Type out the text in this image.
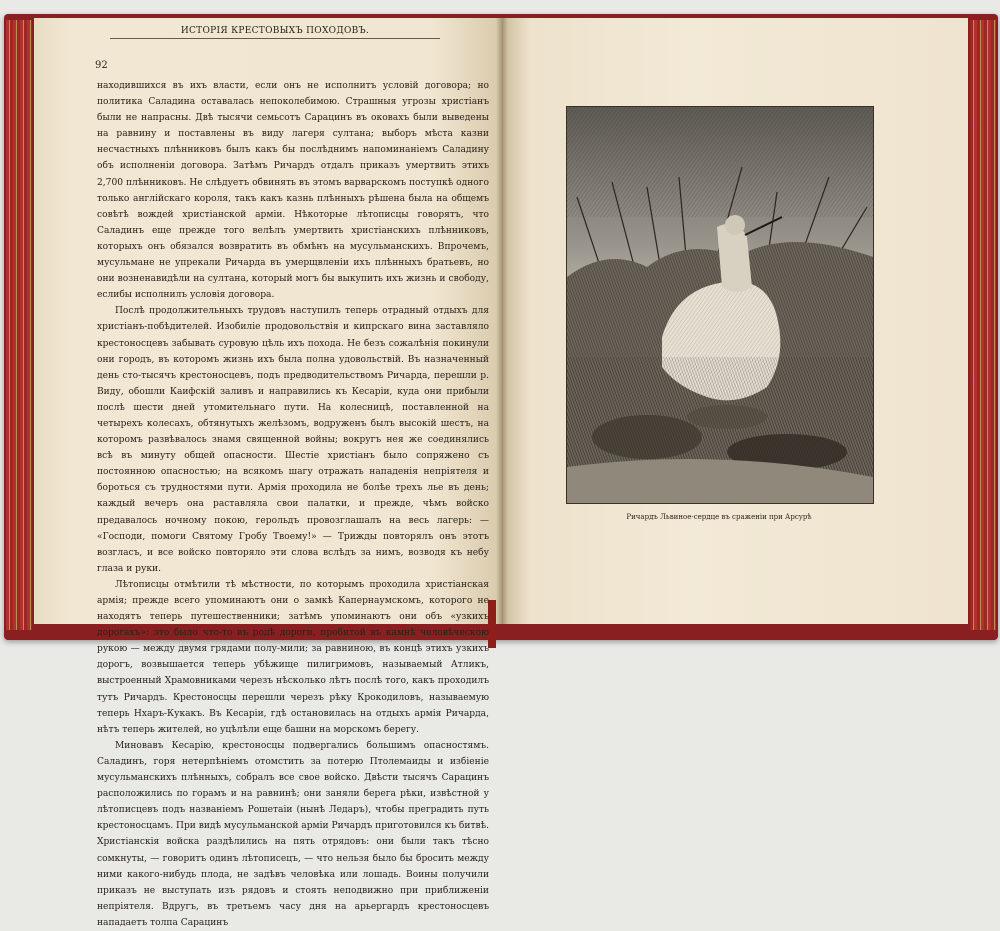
ИСТОРІЯ КРЕСТОВЫХЪ ПОХОДОВЪ.
92

находившихся въ ихъ власти, если онъ не исполнитъ условій договора; но политика Саладина оставалась непоколебимою. Страшныя угрозы христіанъ были не напрасны. Двѣ тысячи семьсотъ Сарацинъ въ оковахъ были выведены на равнину и поставлены въ виду лагеря султана; выборъ мѣста казни несчастныхъ плѣнниковъ былъ какъ бы послѣднимъ напоминаніемъ Саладину объ исполненіи договора. Затѣмъ Ричардъ отдалъ приказъ умертвить этихъ 2,700 плѣнниковъ. Не слѣдуетъ обвинять въ этомъ варварскомъ поступкѣ одного только англійскаго короля, такъ какъ казнь плѣнныхъ рѣшена была на общемъ совѣтѣ вождей христіанской арміи. Нѣкоторые лѣтописцы говорятъ, что Саладинъ еще прежде того велѣлъ умертвить христіанскихъ плѣнниковъ, которыхъ онъ обязался возвратить въ обмѣнъ на мусульманскихъ. Впрочемъ, мусульмане не упрекали Ричарда въ умерщвленіи ихъ плѣнныхъ братьевъ, но они возненавидѣли на султана, который могъ бы выкупить ихъ жизнь и свободу, еслибы исполнилъ условія договора.

Послѣ продолжительныхъ трудовъ наступилъ теперь отрадный отдыхъ для христіанъ-побѣдителей. Изобиліе продовольствія и кипрскаго вина заставляло крестоносцевъ забывать суровую цѣль ихъ похода. Не безъ сожалѣнія покинули они городъ, въ которомъ жизнь ихъ была полна удовольствій. Въ назначенный день сто-тысячъ крестоносцевъ, подъ предводительствомъ Ричарда, перешли р. Виду, обошли Каифскій заливъ и направились къ Кесаріи, куда они прибыли послѣ шести дней утомительнаго пути. На колесницѣ, поставленной на четырехъ колесахъ, обтянутыхъ желѣзомъ, водруженъ былъ высокій шестъ, на которомъ развѣвалось знамя священной войны; вокругъ нея же соединялись всѣ въ минуту общей опасности. Шестіе христіанъ было сопряжено съ постоянною опасностью; на всякомъ шагу отражать нападенія непріятеля и бороться съ трудностями пути. Армія проходила не болѣе трехъ лье въ день; каждый вечеръ она раставляла свои палатки, и прежде, чѣмъ войско предавалось ночному покою, герольдъ провозглашалъ на весь лагерь: — «Господи, помоги Святому Гробу Твоему!» — Трижды повторялъ онъ этотъ возгласъ, и все войско повторяло эти слова вслѣдъ за нимъ, возводя къ небу глаза и руки.

Лѣтописцы отмѣтили тѣ мѣстности, по которымъ проходила христіанская армія; прежде всего упоминаютъ они о замкѣ Капернаумскомъ, которого не находятъ теперь путешественники; затѣмъ упоминаютъ они объ «узкихъ дорогахъ»: это было что-то въ родѣ дороги, пробитой въ камнѣ человѣческою рукою — между двумя грядами полу-мили; за равниною, въ концѣ этихъ узкихъ дорогъ, возвышается теперь убѣжище пилигримовъ, называемый Атликъ, выстроенный Храмовниками черезъ нѣсколько лѣтъ послѣ того, какъ проходилъ тутъ Ричардъ. Крестоносцы перешли черезъ рѣку Крокодиловъ, называемую теперь Нхаръ-Кукакъ. Въ Кесаріи, гдѣ остановилась на отдыхъ армія Ричарда, нѣтъ теперь жителей, но уцѣлѣли еще башни на морскомъ берегу.

Миновавъ Кесарію, крестоносцы подвергались большимъ опасностямъ. Саладинъ, горя нетерпѣніемъ отомстить за потерю Птолемаиды и избіеніе мусульманскихъ плѣнныхъ, собралъ все свое войско. Двѣсти тысячъ Сарацинъ расположились по горамъ и на равнинѣ; они заняли берега рѣки, извѣстной у лѣтописцевъ подъ названіемъ Рошетаіи (нынѣ Ледаръ), чтобы преградить путь крестоносцамъ. При видѣ мусульманской арміи Ричардъ приготовился къ битвѣ. Христіанскія войска раздѣлились на пять отрядовъ: они были такъ тѣсно сомкнуты, — говоритъ одинъ лѣтописецъ, — что нельзя было бы бросить между ними какого-нибудь плода, не задѣвъ человѣка или лошадь. Воины получили приказъ не выступать изъ рядовъ и стоять неподвижно при приближеніи непріятеля. Вдругъ, въ третьемъ часу дня на арьергардъ крестоносцевъ нападаетъ толпа Сарацинъ

Ричардъ Львиное-сердце въ сраженіи при Арсурѣ
